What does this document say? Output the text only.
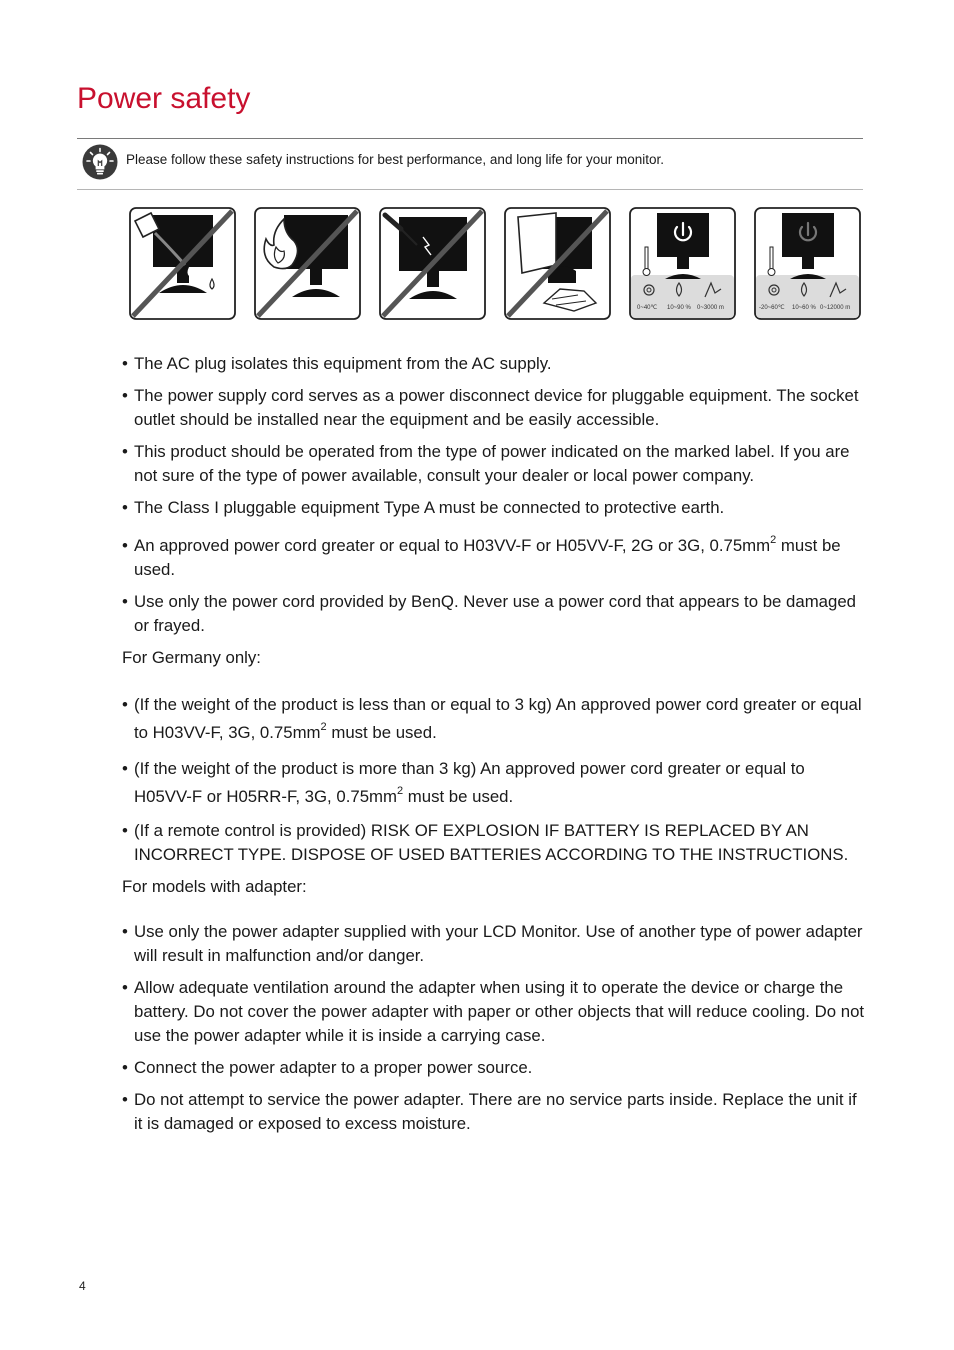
Power safety
Please follow these safety instructions for best performance, and long life for your monitor.
0~40℃ 10~90 % 0~3000 m	-20~60℃ 10~60 % 0~12000 m
• The AC plug isolates this equipment from the AC supply.
• The power supply cord serves as a power disconnect device for pluggable equipment. The socket outlet should be installed near the equipment and be easily accessible.
• This product should be operated from the type of power indicated on the marked label. If you are not sure of the type of power available, consult your dealer or local power company.
• The Class I pluggable equipment Type A must be connected to protective earth.
• An approved power cord greater or equal to H03VV-F or H05VV-F, 2G or 3G, $0.75mm^2$ must be used.
• Use only the power cord provided by BenQ. Never use a power cord that appears to be damaged or frayed.
For Germany only:
• (If the weight of the product is less than or equal to 3 kg) An approved power cord greater or equal to H03VV-F, 3G, $0.75mm^2$ must be used.
• (If the weight of the product is more than 3 kg) An approved power cord greater or equal to H05VV-F or H05RR-F, 3G, $0.75mm^2$ must be used.
• (If a remote control is provided) RISK OF EXPLOSION IF BATTERY IS REPLACED BY AN INCORRECT TYPE. DISPOSE OF USED BATTERIES ACCORDING TO THE INSTRUCTIONS.
For models with adapter:
• Use only the power adapter supplied with your LCD Monitor. Use of another type of power adapter will result in malfunction and/or danger.
• Allow adequate ventilation around the adapter when using it to operate the device or charge the battery. Do not cover the power adapter with paper or other objects that will reduce cooling. Do not use the power adapter while it is inside a carrying case.
• Connect the power adapter to a proper power source.
• Do not attempt to service the power adapter. There are no service parts inside. Replace the unit if it is damaged or exposed to excess moisture.
4
